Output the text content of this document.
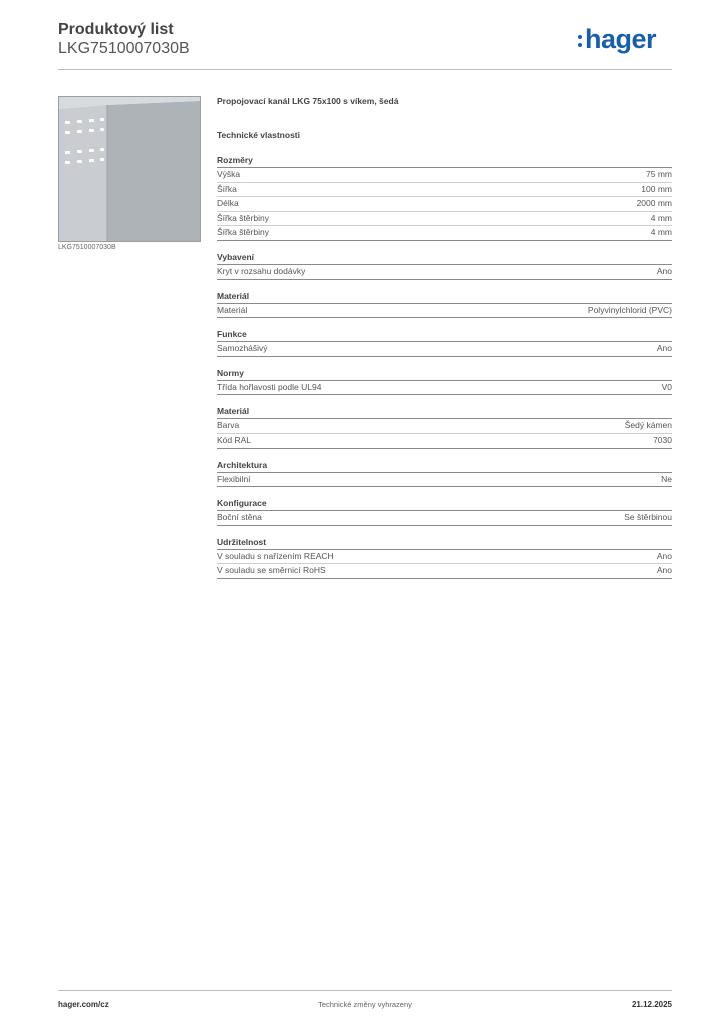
Produktový list
LKG7510007030B	hager
LKG7510007030B
Propojovací kanál LKG 75x100 s víkem, šedá
Technické vlastnosti
Rozměry
Výška	75 mm
Šířka	100 mm
Délka	2000 mm
Šířka štěrbiny	4 mm
Šířka štěrbiny	4 mm
Vybavení
Kryt v rozsahu dodávky	Ano
Materiál
Materiál	Polyvinylchlorid (PVC)
Funkce
Samozhášivý	Ano
Normy
Třída hořlavosti podle UL94	V0
Materiál
Barva	Šedý kámen
Kód RAL	7030
Architektura
Flexibilní	Ne
Konfigurace
Boční stěna	Se štěrbinou
Udržitelnost
V souladu s nařízením REACH	Ano
V souladu se směrnicí RoHS	Ano
hager.com/cz	Technické změny vyhrazeny	21.12.2025
